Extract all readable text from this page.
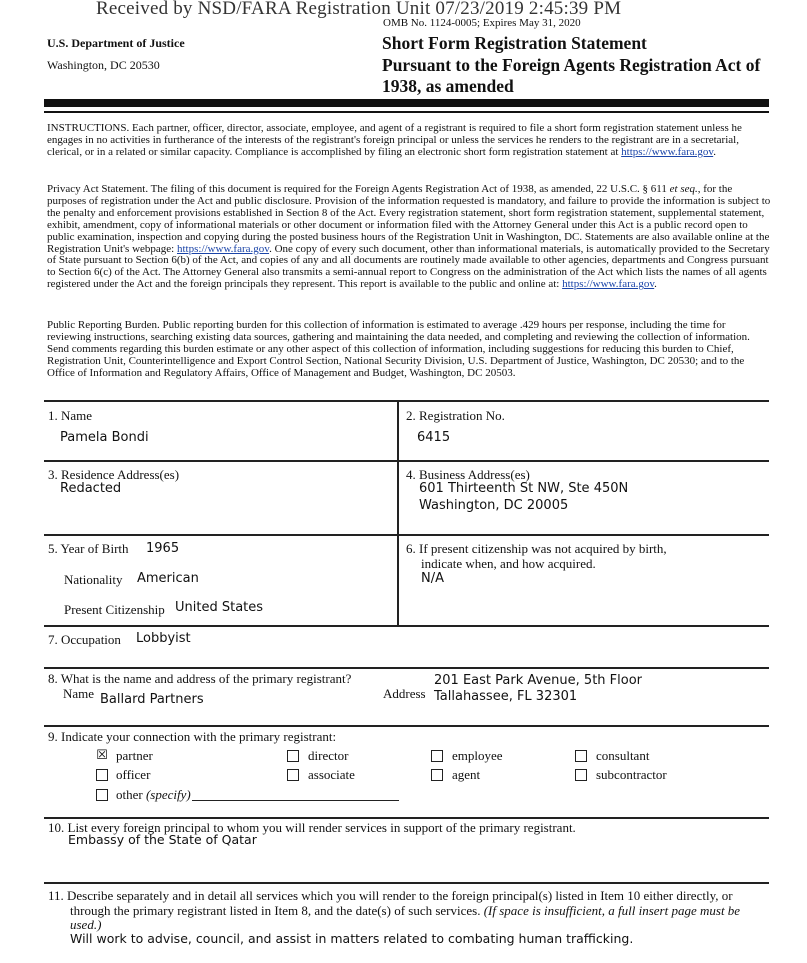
Received by NSD/FARA Registration Unit 07/23/2019 2:45:39 PM
OMB No. 1124-0005; Expires May 31, 2020
U.S. Department of Justice
Washington, DC 20530
Short Form Registration Statement
Pursuant to the Foreign Agents Registration Act of
1938, as amended
INSTRUCTIONS. Each partner, officer, director, associate, employee, and agent of a registrant is required to file a short form registration statement unless he engages in no activities in furtherance of the interests of the registrant's foreign principal or unless the services he renders to the registrant are in a secretarial, clerical, or in a related or similar capacity. Compliance is accomplished by filing an electronic short form registration statement at https://www.fara.gov.
Privacy Act Statement. The filing of this document is required for the Foreign Agents Registration Act of 1938, as amended, 22 U.S.C. § 611 et seq., for the purposes of registration under the Act and public disclosure. Provision of the information requested is mandatory, and failure to provide the information is subject to the penalty and enforcement provisions established in Section 8 of the Act. Every registration statement, short form registration statement, supplemental statement, exhibit, amendment, copy of informational materials or other document or information filed with the Attorney General under this Act is a public record open to public examination, inspection and copying during the posted business hours of the Registration Unit in Washington, DC. Statements are also available online at the Registration Unit's webpage: https://www.fara.gov. One copy of every such document, other than informational materials, is automatically provided to the Secretary of State pursuant to Section 6(b) of the Act, and copies of any and all documents are routinely made available to other agencies, departments and Congress pursuant to Section 6(c) of the Act. The Attorney General also transmits a semi-annual report to Congress on the administration of the Act which lists the names of all agents registered under the Act and the foreign principals they represent. This report is available to the public and online at: https://www.fara.gov.
Public Reporting Burden. Public reporting burden for this collection of information is estimated to average .429 hours per response, including the time for reviewing instructions, searching existing data sources, gathering and maintaining the data needed, and completing and reviewing the collection of information. Send comments regarding this burden estimate or any other aspect of this collection of information, including suggestions for reducing this burden to Chief, Registration Unit, Counterintelligence and Export Control Section, National Security Division, U.S. Department of Justice, Washington, DC 20530; and to the Office of Information and Regulatory Affairs, Office of Management and Budget, Washington, DC 20503.
1. Name
Pamela Bondi
2. Registration No.
6415
3. Residence Address(es)
Redacted
4. Business Address(es)
601 Thirteenth St NW, Ste 450N
Washington, DC 20005
5. Year of Birth 1965
Nationality American
Present Citizenship United States
6. If present citizenship was not acquired by birth,
indicate when, and how acquired.
N/A
7. Occupation Lobbyist
8. What is the name and address of the primary registrant?
Name Ballard Partners	Address
201 East Park Avenue, 5th Floor
Tallahassee, FL 32301
9. Indicate your connection with the primary registrant:
☒ partner
officer
other (specify)
director
associate
employee
agent
consultant
subcontractor
10. List every foreign principal to whom you will render services in support of the primary registrant.
Embassy of the State of Qatar
11. Describe separately and in detail all services which you will render to the foreign principal(s) listed in Item 10 either directly, or
through the primary registrant listed in Item 8, and the date(s) of such services. (If space is insufficient, a full insert page must be
used.)
Will work to advise, council, and assist in matters related to combating human trafficking.
